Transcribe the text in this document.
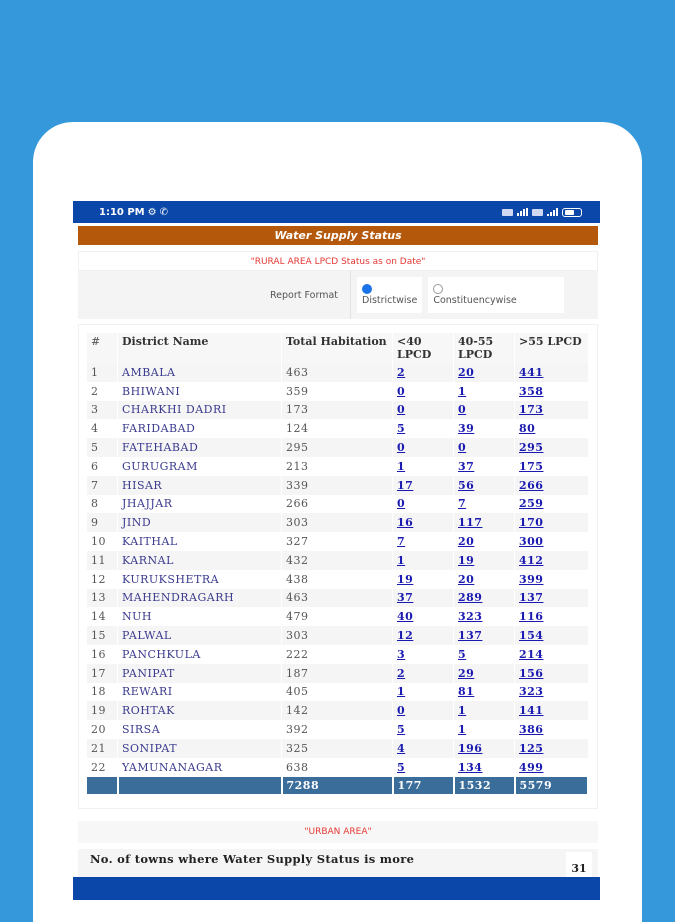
1:10 PM ⚙ ✆
Water Supply Status
"RURAL AREA LPCD Status as on Date"
Report Format	Districtwise Constituencywise
#	District Name	Total Habitation	<40 LPCD	40-55 LPCD	>55 LPCD
1	AMBALA	463	2	20	441
2	BHIWANI	359	0	1	358
3	CHARKHI DADRI	173	0	0	173
4	FARIDABAD	124	5	39	80
5	FATEHABAD	295	0	0	295
6	GURUGRAM	213	1	37	175
7	HISAR	339	17	56	266
8	JHAJJAR	266	0	7	259
9	JIND	303	16	117	170
10	KAITHAL	327	7	20	300
11	KARNAL	432	1	19	412
12	KURUKSHETRA	438	19	20	399
13	MAHENDRAGARH	463	37	289	137
14	NUH	479	40	323	116
15	PALWAL	303	12	137	154
16	PANCHKULA	222	3	5	214
17	PANIPAT	187	2	29	156
18	REWARI	405	1	81	323
19	ROHTAK	142	0	1	141
20	SIRSA	392	5	1	386
21	SONIPAT	325	4	196	125
22	YAMUNANAGAR	638	5	134	499
		7288	177	1532	5579
"URBAN AREA"
No. of towns where Water Supply Status is more
31
